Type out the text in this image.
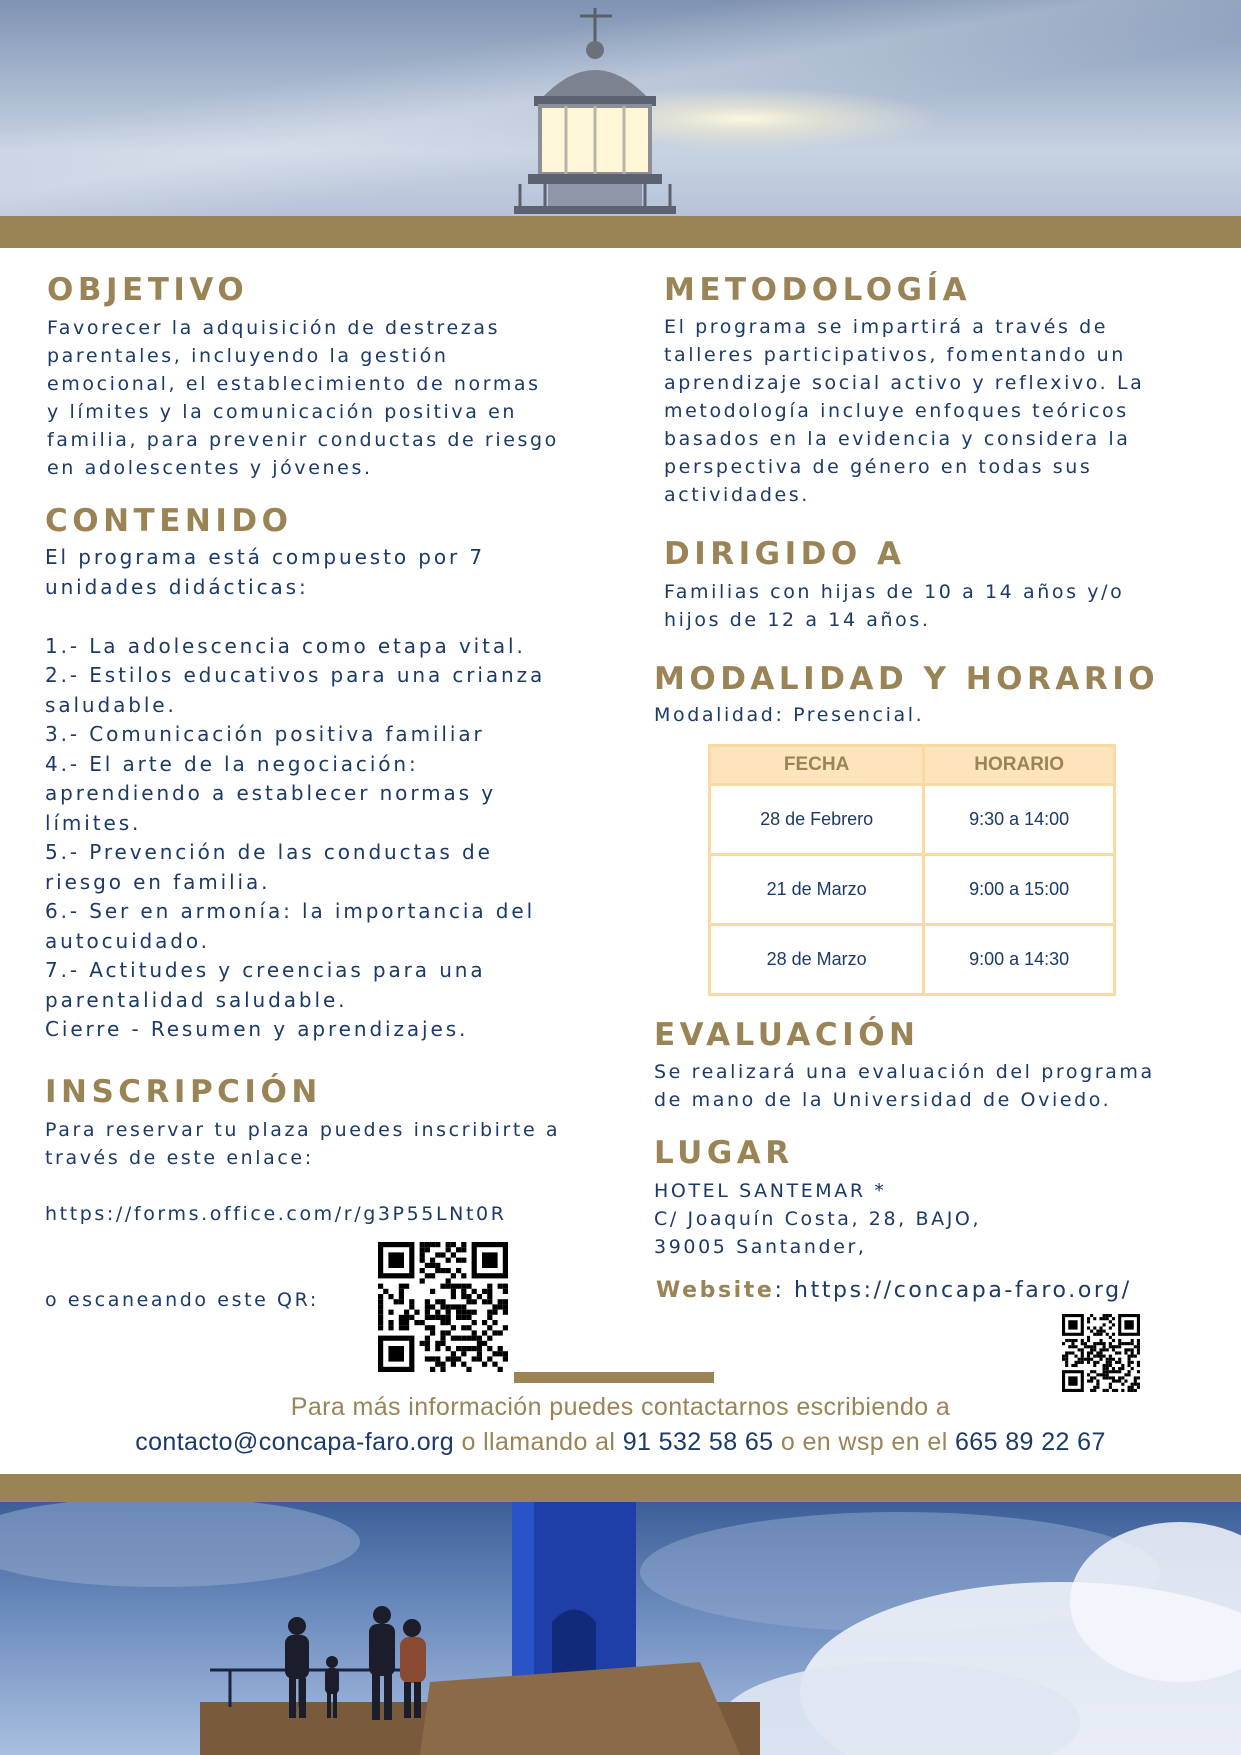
OBJETIVO

Favorecer la adquisición de destrezas
parentales, incluyendo la gestión
emocional, el establecimiento de normas
y límites y la comunicación positiva en
familia, para prevenir conductas de riesgo
en adolescentes y jóvenes.

CONTENIDO
El programa está compuesto por 7
unidades didácticas:

1.- La adolescencia como etapa vital.
2.- Estilos educativos para una crianza
saludable.
3.- Comunicación positiva familiar
4.- El arte de la negociación:
aprendiendo a establecer normas y
límites.
5.- Prevención de las conductas de
riesgo en familia.
6.- Ser en armonía: la importancia del
autocuidado.
7.- Actitudes y creencias para una
parentalidad saludable.
Cierre - Resumen y aprendizajes.
INSCRIPCIÓN

Para reservar tu plaza puedes inscribirte a
través de este enlace:

https://forms.office.com/r/g3P55LNt0R

o escaneando este QR:

METODOLOGÍA

El programa se impartirá a través de
talleres participativos, fomentando un
aprendizaje social activo y reflexivo. La
metodología incluye enfoques teóricos
basados en la evidencia y considera la
perspectiva de género en todas sus
actividades.

DIRIGIDO A

Familias con hijas de 10 a 14 años y/o
hijos de 12 a 14 años.

MODALIDAD Y HORARIO

Modalidad: Presencial.

FECHA	HORARIO
28 de Febrero	9:30 a 14:00
21 de Marzo	9:00 a 15:00
28 de Marzo	9:00 a 14:30
EVALUACIÓN

Se realizará una evaluación del programa
de mano de la Universidad de Oviedo.

LUGAR

HOTEL SANTEMAR *
C/ Joaquín Costa, 28, BAJO,
39005 Santander,

Website: https://concapa-faro.org/
Para más información puedes contactarnos escribiendo a
contacto@concapa-faro.org o llamando al 91 532 58 65 o en wsp en el 665 89 22 67
